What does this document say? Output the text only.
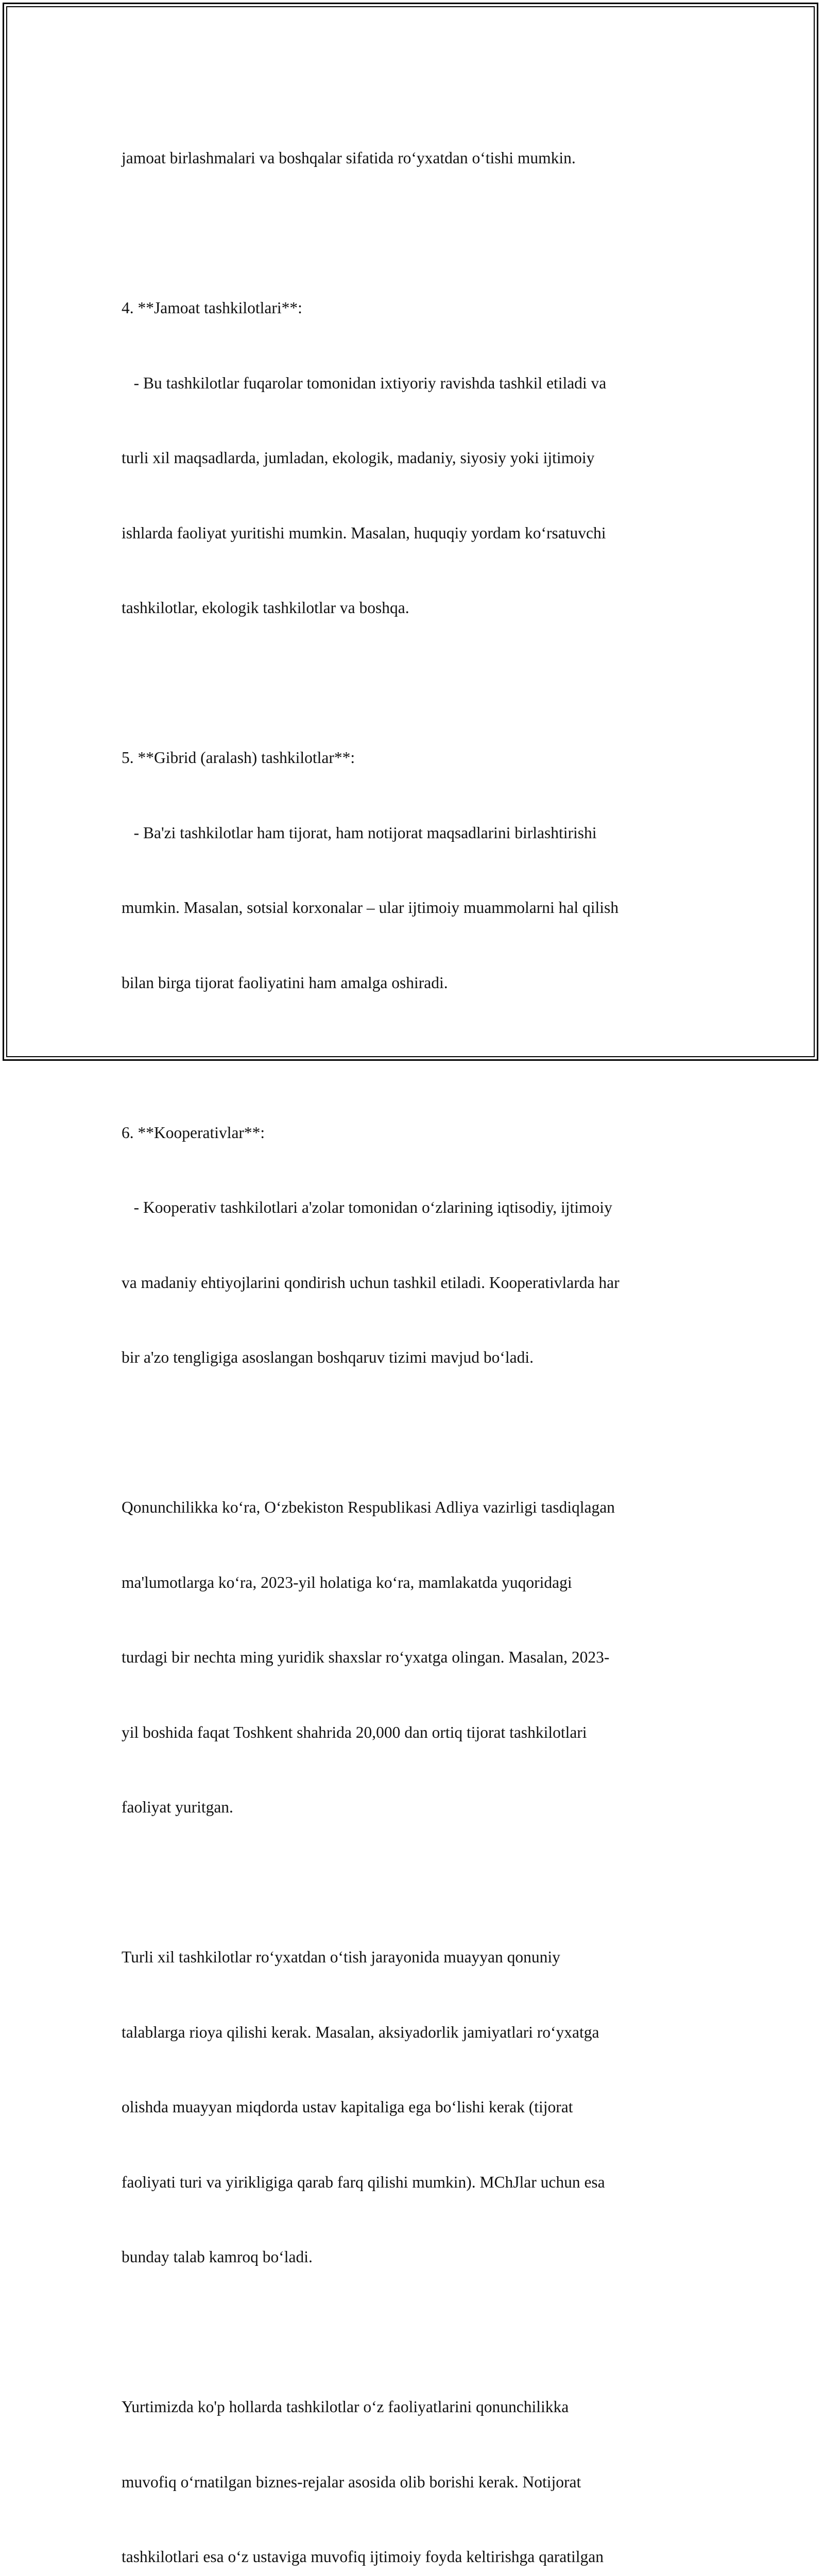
jamoat birlashmalari va boshqalar sifatida ro‘yxatdan o‘tishi mumkin.

4. **Jamoat tashkilotlari**:

- Bu tashkilotlar fuqarolar tomonidan ixtiyoriy ravishda tashkil etiladi va

turli xil maqsadlarda, jumladan, ekologik, madaniy, siyosiy yoki ijtimoiy

ishlarda faoliyat yuritishi mumkin. Masalan, huquqiy yordam ko‘rsatuvchi

tashkilotlar, ekologik tashkilotlar va boshqa.

5. **Gibrid (aralash) tashkilotlar**:

- Ba'zi tashkilotlar ham tijorat, ham notijorat maqsadlarini birlashtirishi

mumkin. Masalan, sotsial korxonalar – ular ijtimoiy muammolarni hal qilish

bilan birga tijorat faoliyatini ham amalga oshiradi.

6. **Kooperativlar**:

- Kooperativ tashkilotlari a'zolar tomonidan o‘zlarining iqtisodiy, ijtimoiy

va madaniy ehtiyojlarini qondirish uchun tashkil etiladi. Kooperativlarda har

bir a'zo tengligiga asoslangan boshqaruv tizimi mavjud bo‘ladi.

Qonunchilikka ko‘ra, O‘zbekiston Respublikasi Adliya vazirligi tasdiqlagan

ma'lumotlarga ko‘ra, 2023-yil holatiga ko‘ra, mamlakatda yuqoridagi

turdagi bir nechta ming yuridik shaxslar ro‘yxatga olingan. Masalan, 2023-

yil boshida faqat Toshkent shahrida 20,000 dan ortiq tijorat tashkilotlari

faoliyat yuritgan.

Turli xil tashkilotlar ro‘yxatdan o‘tish jarayonida muayyan qonuniy

talablarga rioya qilishi kerak. Masalan, aksiyadorlik jamiyatlari ro‘yxatga

olishda muayyan miqdorda ustav kapitaliga ega bo‘lishi kerak (tijorat

faoliyati turi va yirikligiga qarab farq qilishi mumkin). MChJlar uchun esa

bunday talab kamroq bo‘ladi.

Yurtimizda ko'p hollarda tashkilotlar o‘z faoliyatlarini qonunchilikka

muvofiq o‘rnatilgan biznes-rejalar asosida olib borishi kerak. Notijorat

tashkilotlari esa o‘z ustaviga muvofiq ijtimoiy foyda keltirishga qaratilgan
